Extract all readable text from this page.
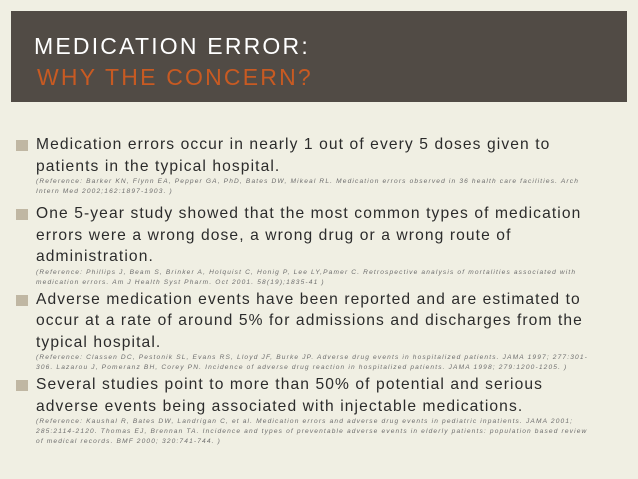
MEDICATION ERROR:
WHY THE CONCERN?
Medication errors occur in nearly 1 out of every 5 doses given to
patients in the typical hospital.
(Reference: Barker KN, Flynn EA, Pepper GA, PhD, Bates DW, Mikeal RL. Medication errors observed in 36 health care facilities. Arch
Intern Med 2002;162:1897-1903. )
One 5-year study showed that the most common types of medication
errors were a wrong dose, a wrong drug or a wrong route of
administration.
(Reference: Phillips J, Beam S, Brinker A, Holquist C, Honig P, Lee LY,Pamer C. Retrospective analysis of mortalities associated with
medication errors. Am J Health Syst Pharm. Oct 2001. 58(19);1835-41 )
Adverse medication events have been reported and are estimated to
occur at a rate of around 5% for admissions and discharges from the
typical hospital.
(Reference: Classen DC, Pestonik SL, Evans RS, Lloyd JF, Burke JP. Adverse drug events in hospitalized patients. JAMA 1997; 277:301-
306. Lazarou J, Pomeranz BH, Corey PN. Incidence of adverse drug reaction in hospitalized patients. JAMA 1998; 279:1200-1205. )
Several studies point to more than 50% of potential and serious
adverse events being associated with injectable medications.
(Reference: Kaushal R, Bates DW, Landrigan C, et al. Medication errors and adverse drug events in pediatric inpatients. JAMA 2001;
285:2114-2120. Thomas EJ, Brennan TA. Incidence and types of preventable adverse events in elderly patients: population based review
of medical records. BMF 2000; 320:741-744. )
